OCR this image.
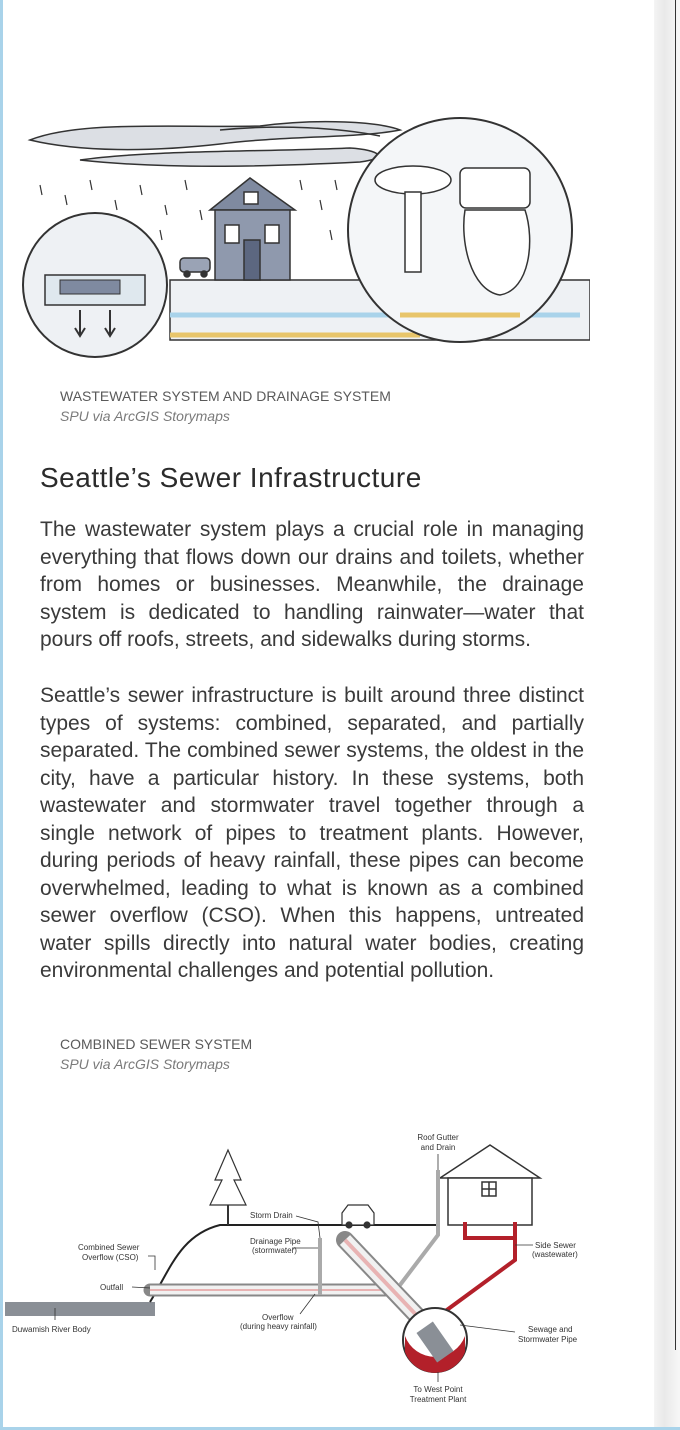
WASTEWATER SYSTEM AND DRAINAGE SYSTEM
SPU via ArcGIS Storymaps
Seattle’s Sewer Infrastructure

The wastewater system plays a crucial role in managing everything that flows down our drains and toilets, whether from homes or businesses. Meanwhile, the drainage system is dedicated to handling rainwater—water that pours off roofs, streets, and sidewalks during storms.

Seattle’s sewer infrastructure is built around three distinct types of systems: combined, separated, and partially separated. The combined sewer systems, the oldest in the city, have a particular history. In these systems, both wastewater and stormwater travel together through a single network of pipes to treatment plants. However, during periods of heavy rainfall, these pipes can become overwhelmed, leading to what is known as a combined sewer overflow (CSO). When this happens, untreated water spills directly into natural water bodies, creating environmental challenges and potential pollution.

COMBINED SEWER SYSTEM
SPU via ArcGIS Storymaps
Roof Gutter
and Drain
Storm Drain
Drainage Pipe
(stormwater)
Combined Sewer
Overflow (CSO)
Outfall
Duwamish River Body
Overflow
(during heavy rainfall)
Side Sewer
(wastewater)
Sewage and
Stormwater Pipe
To West Point
Treatment Plant
